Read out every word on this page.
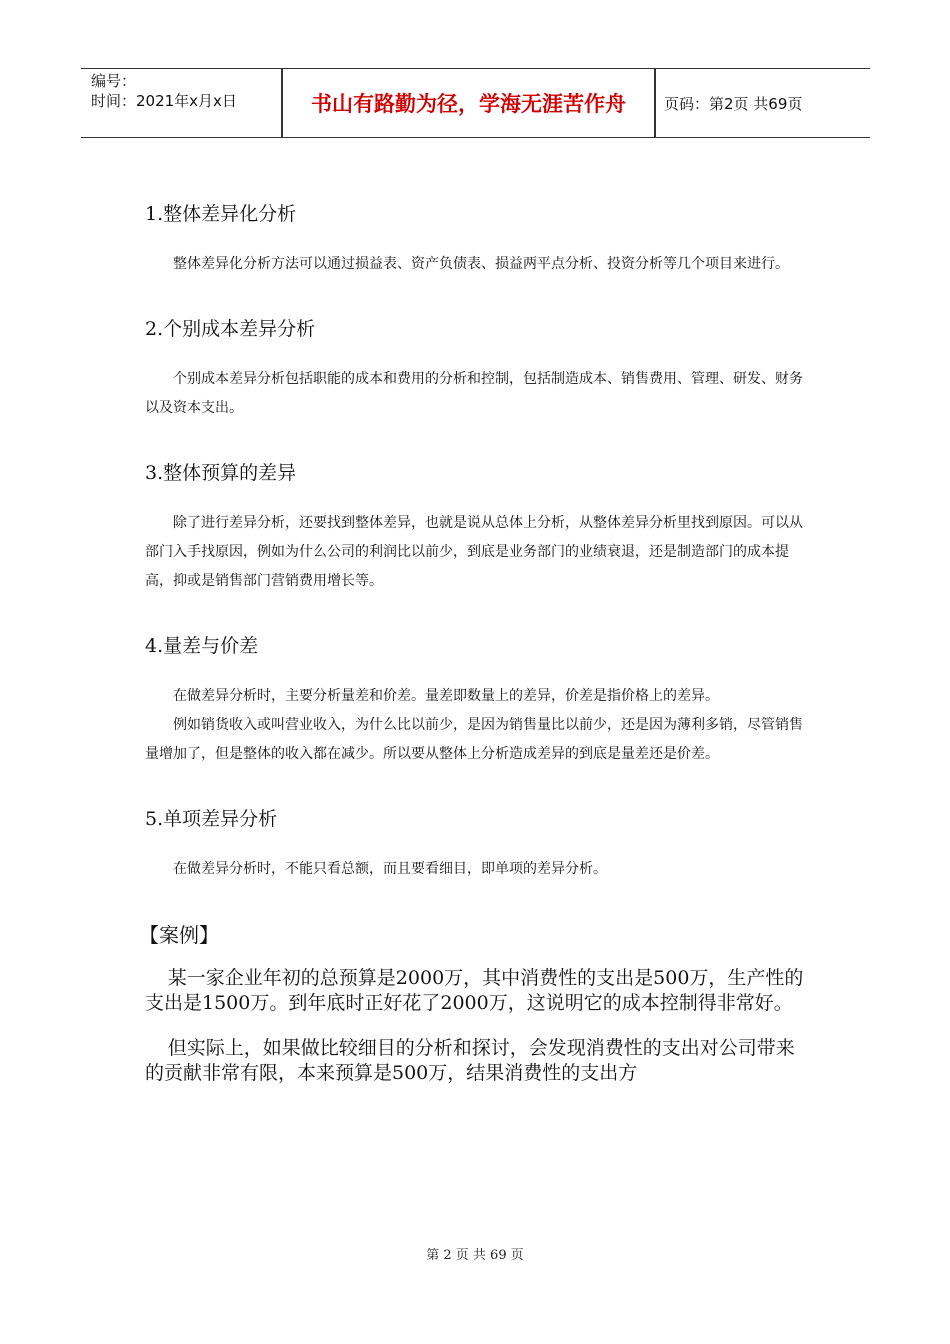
编号：
时间：2021年x月x日	书山有路勤为径，学海无涯苦作舟	页码：第2页 共69页
1.整体差异化分析

整体差异化分析方法可以通过损益表、资产负债表、损益两平点分析、投资分析等几个项目来进行。

2.个别成本差异分析

个别成本差异分析包括职能的成本和费用的分析和控制，包括制造成本、销售费用、管理、研发、财务以及资本支出。

3.整体预算的差异

除了进行差异分析，还要找到整体差异，也就是说从总体上分析，从整体差异分析里找到原因。可以从部门入手找原因，例如为什么公司的利润比以前少，到底是业务部门的业绩衰退，还是制造部门的成本提高，抑或是销售部门营销费用增长等。

4.量差与价差

在做差异分析时，主要分析量差和价差。量差即数量上的差异，价差是指价格上的差异。

例如销货收入或叫营业收入，为什么比以前少，是因为销售量比以前少，还是因为薄利多销，尽管销售量增加了，但是整体的收入都在减少。所以要从整体上分析造成差异的到底是量差还是价差。

5.单项差异分析

在做差异分析时，不能只看总额，而且要看细目，即单项的差异分析。

【案例】

某一家企业年初的总预算是2000万，其中消费性的支出是500万，生产性的支出是1500万。到年底时正好花了2000万，这说明它的成本控制得非常好。

但实际上，如果做比较细目的分析和探讨，会发现消费性的支出对公司带来的贡献非常有限，本来预算是500万，结果消费性的支出方

第 2 页 共 69 页
